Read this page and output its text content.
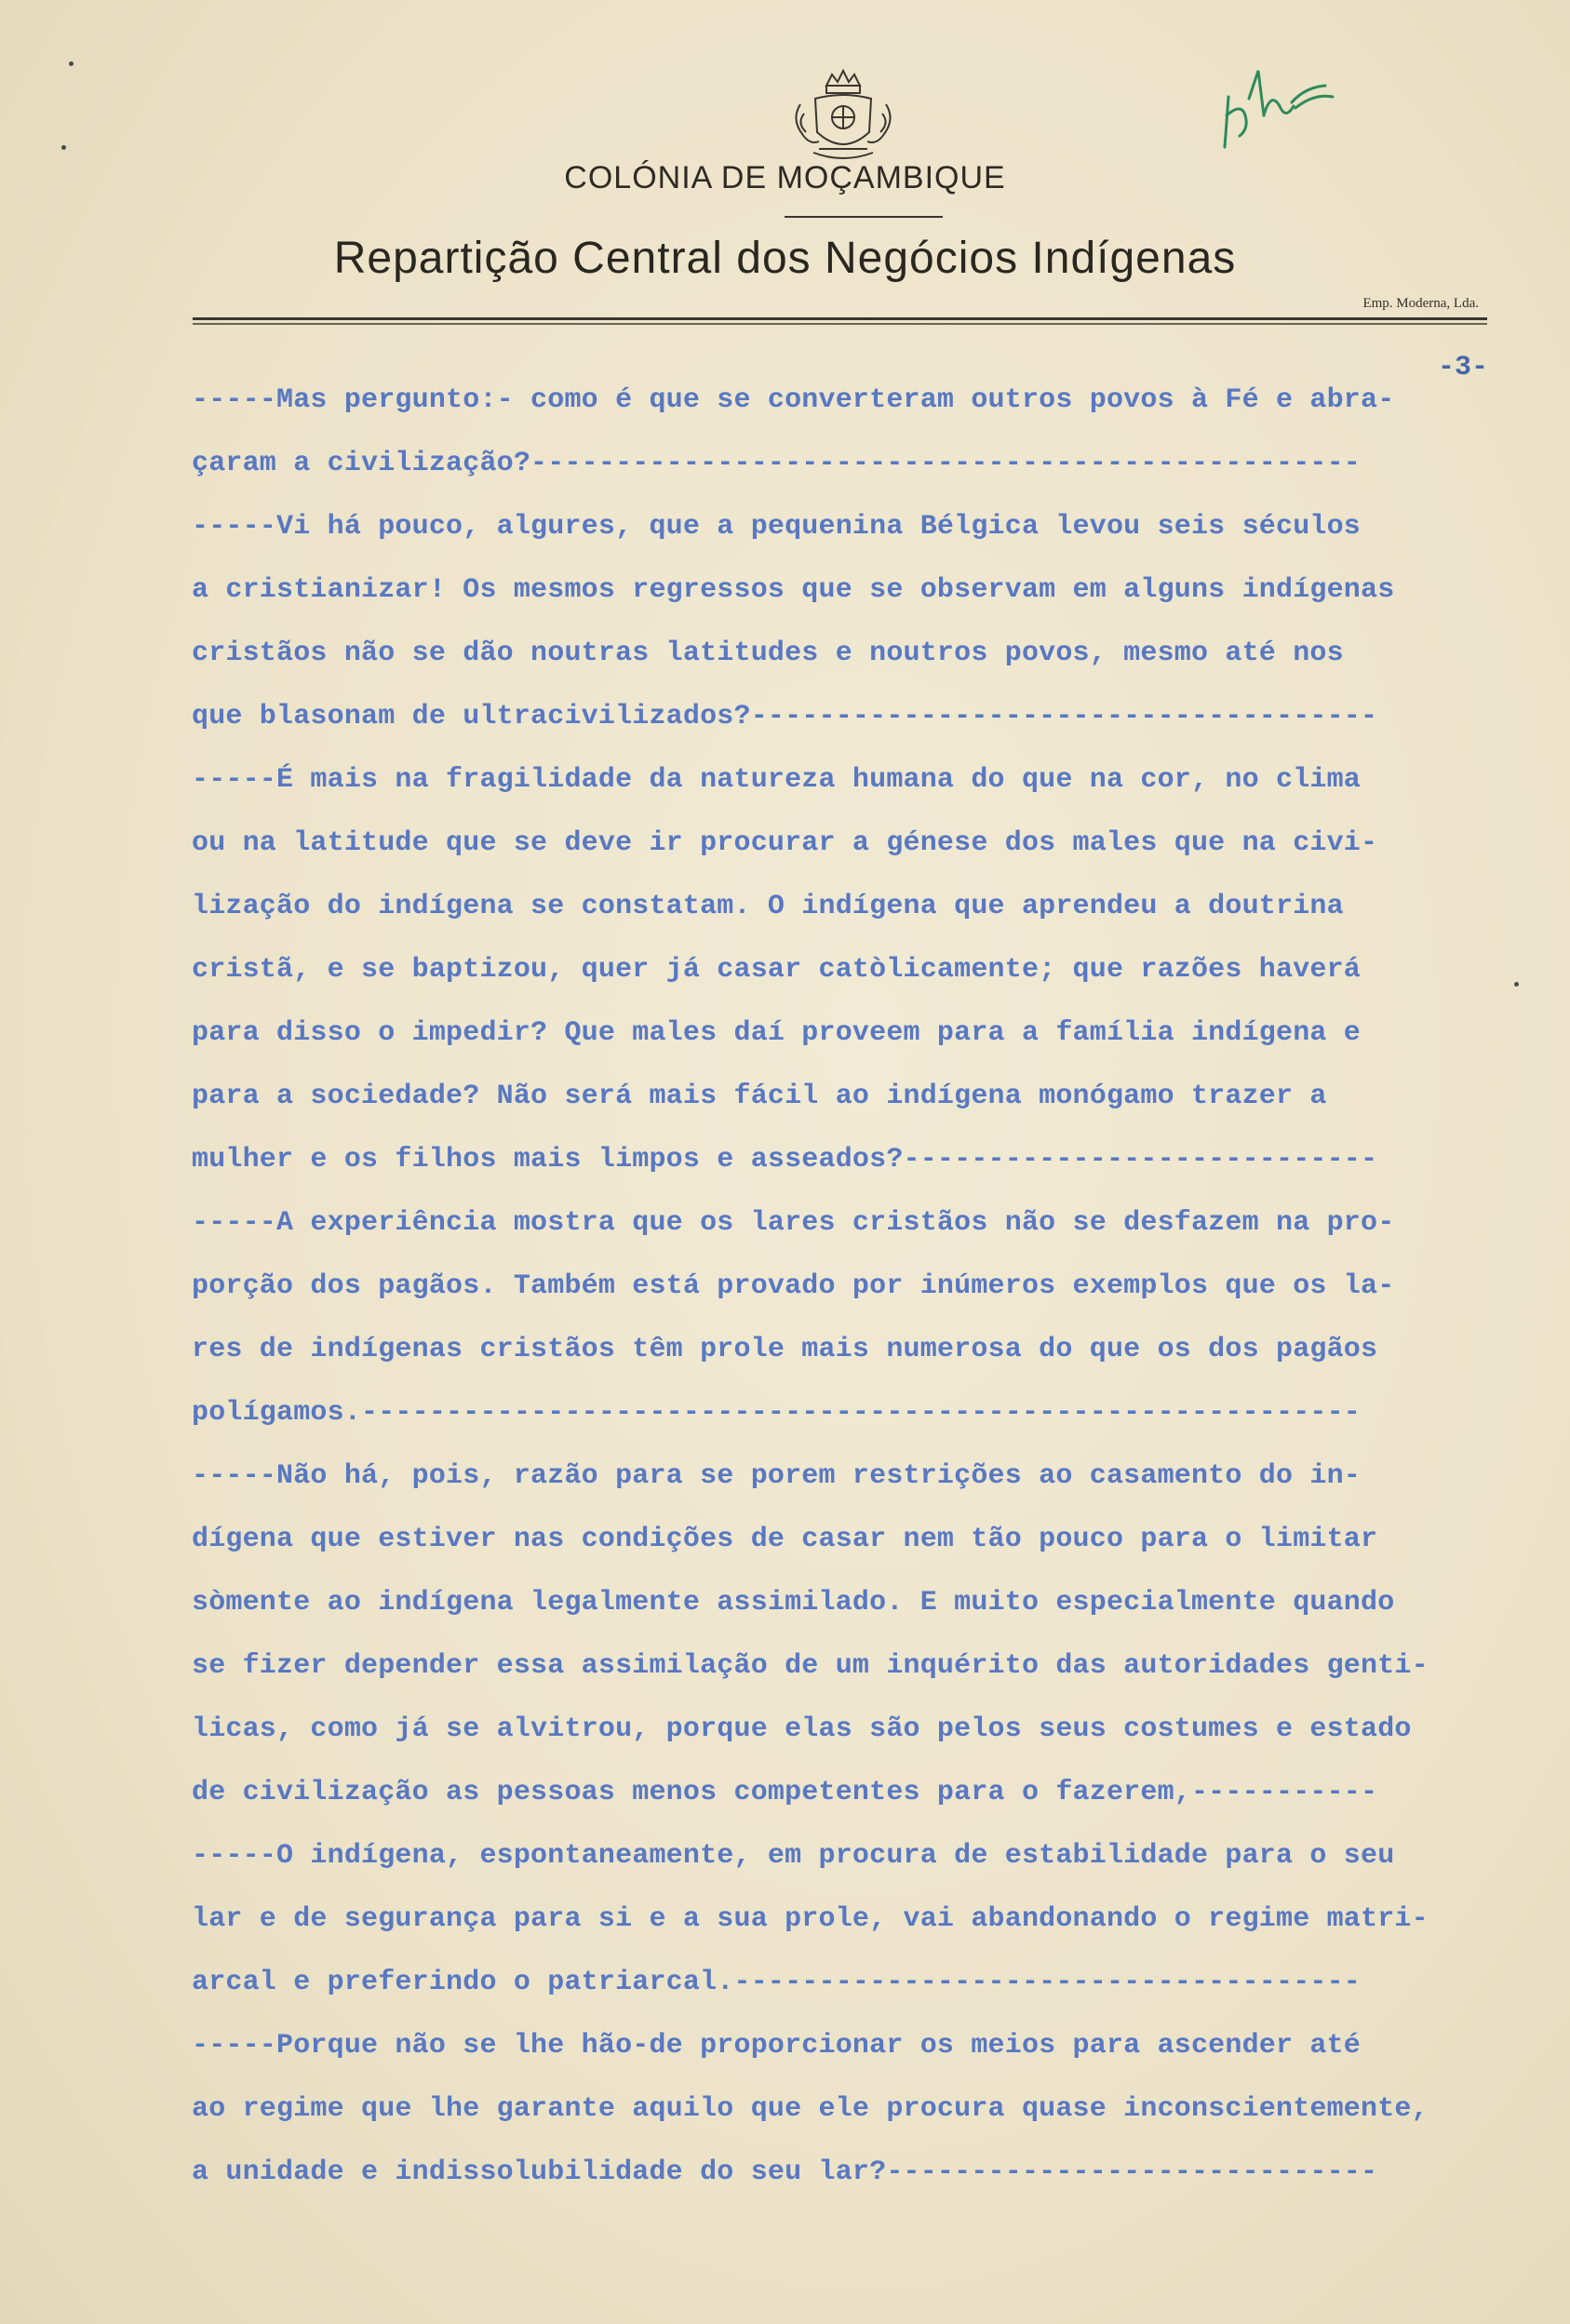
COLÓNIA DE MOÇAMBIQUE
Repartição Central dos Negócios Indígenas
Emp. Moderna, Lda.
-3-
-----Mas pergunto:- como é que se converteram outros povos à Fé e abra-
çaram a civilização?-------------------------------------------------
-----Vi há pouco, algures, que a pequenina Bélgica levou seis séculos
a cristianizar! Os mesmos regressos que se observam em alguns indígenas
cristãos não se dão noutras latitudes e noutros povos, mesmo até nos
que blasonam de ultracivilizados?-------------------------------------
-----É mais na fragilidade da natureza humana do que na cor, no clima
ou na latitude que se deve ir procurar a génese dos males que na civi-
lização do indígena se constatam. O indígena que aprendeu a doutrina
cristã, e se baptizou, quer já casar catòlicamente; que razões haverá
para disso o impedir? Que males daí proveem para a família indígena e
para a sociedade? Não será mais fácil ao indígena monógamo trazer a
mulher e os filhos mais limpos e asseados?----------------------------
-----A experiência mostra que os lares cristãos não se desfazem na pro-
porção dos pagãos. Também está provado por inúmeros exemplos que os la-
res de indígenas cristãos têm prole mais numerosa do que os dos pagãos
polígamos.-----------------------------------------------------------
-----Não há, pois, razão para se porem restrições ao casamento do in-
dígena que estiver nas condições de casar nem tão pouco para o limitar
sòmente ao indígena legalmente assimilado. E muito especialmente quando
se fizer depender essa assimilação de um inquérito das autoridades genti-
licas, como já se alvitrou, porque elas são pelos seus costumes e estado
de civilização as pessoas menos competentes para o fazerem,-----------
-----O indígena, espontaneamente, em procura de estabilidade para o seu
lar e de segurança para si e a sua prole, vai abandonando o regime matri-
arcal e preferindo o patriarcal.-------------------------------------
-----Porque não se lhe hão-de proporcionar os meios para ascender até
ao regime que lhe garante aquilo que ele procura quase inconscientemente,
a unidade e indissolubilidade do seu lar?-----------------------------
